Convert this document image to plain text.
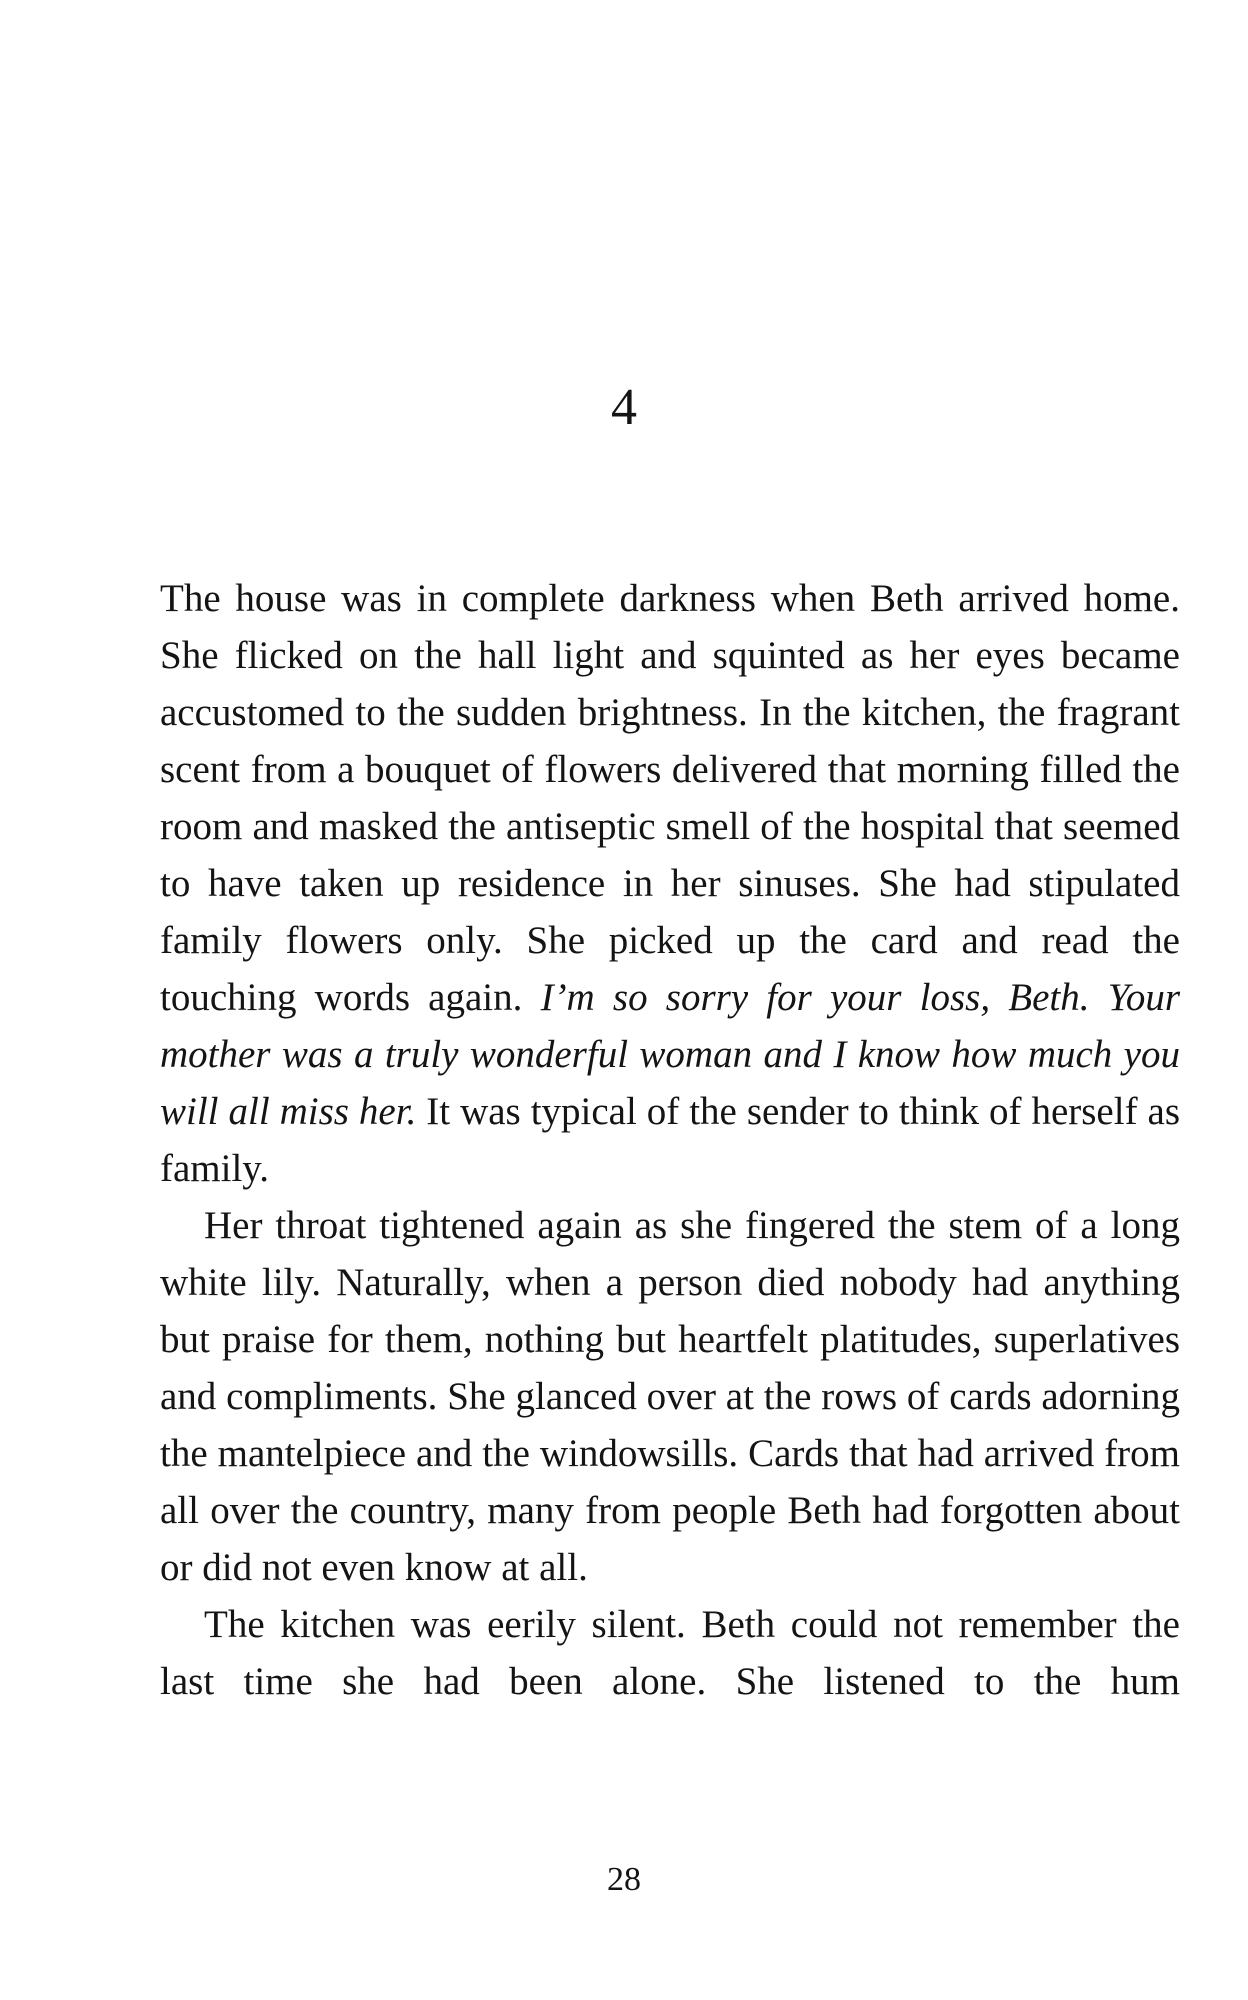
4

The house was in complete darkness when Beth arrived home. She flicked on the hall light and squinted as her eyes became accustomed to the sudden brightness. In the kitchen, the fragrant scent from a bouquet of flowers delivered that morning filled the room and masked the antiseptic smell of the hospital that seemed to have taken up residence in her sinuses. She had stipulated family flowers only. She picked up the card and read the touching words again. I’m so sorry for your loss, Beth. Your mother was a truly wonderful woman and I know how much you will all miss her. It was typical of the sender to think of herself as family.

Her throat tightened again as she fingered the stem of a long white lily. Naturally, when a person died nobody had anything but praise for them, nothing but heartfelt platitudes, superlatives and compliments. She glanced over at the rows of cards adorning the mantelpiece and the windowsills. Cards that had arrived from all over the country, many from people Beth had forgotten about or did not even know at all.

The kitchen was eerily silent. Beth could not remember the last time she had been alone. She listened to the hum

28
